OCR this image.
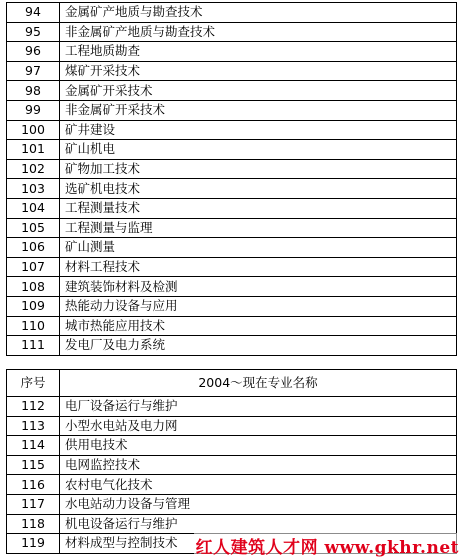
94	金属矿产地质与勘查技术
95	非金属矿产地质与勘查技术
96	工程地质勘查
97	煤矿开采技术
98	金属矿开采技术
99	非金属矿开采技术
100	矿井建设
101	矿山机电
102	矿物加工技术
103	选矿机电技术
104	工程测量技术
105	工程测量与监理
106	矿山测量
107	材料工程技术
108	建筑装饰材料及检测
109	热能动力设备与应用
110	城市热能应用技术
111	发电厂及电力系统
序号	2004～现在专业名称
112	电厂设备运行与维护
113	小型水电站及电力网
114	供用电技术
115	电网监控技术
116	农村电气化技术
117	水电站动力设备与管理
118	机电设备运行与维护
119	材料成型与控制技术 红人建筑人才网 www.gkhr.net
